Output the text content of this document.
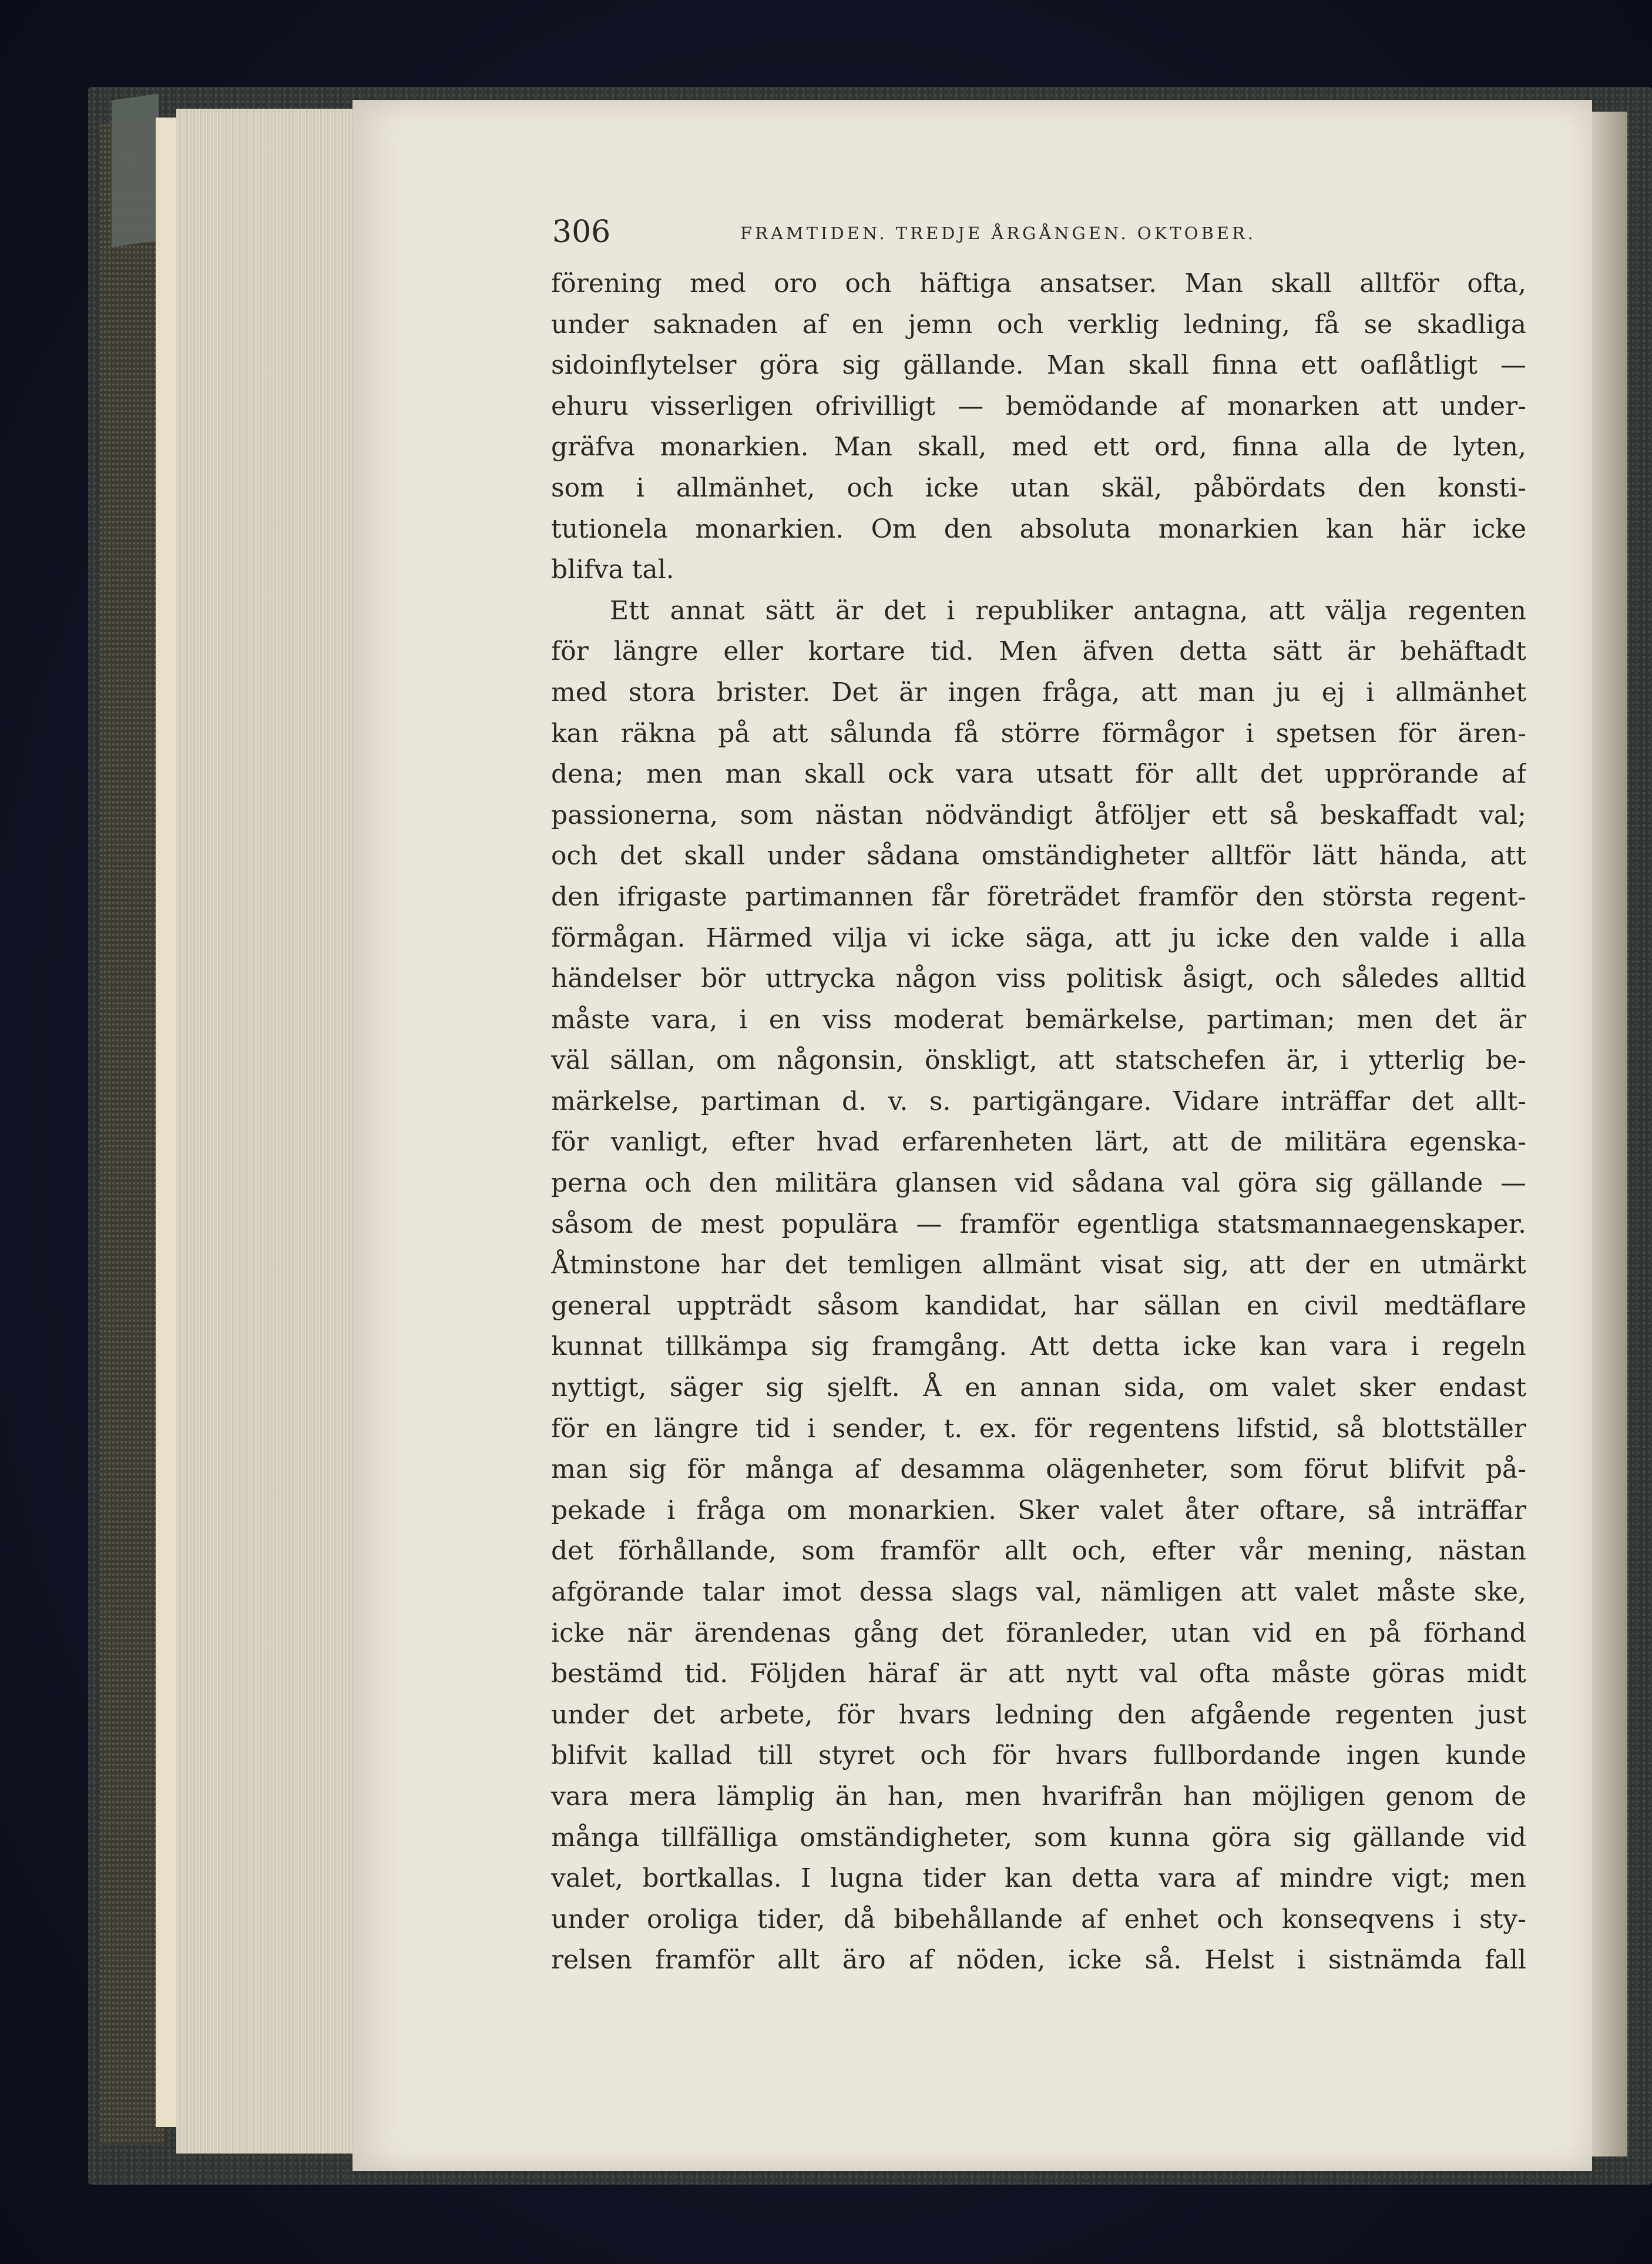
306	FRAMTIDEN. TREDJE ÅRGÅNGEN. OKTOBER.
förening med oro och häftiga ansatser. Man skall alltför ofta,
under saknaden af en jemn och verklig ledning, få se skadliga
sidoinflytelser göra sig gällande. Man skall finna ett oaflåtligt —
ehuru visserligen ofrivilligt — bemödande af monarken att under-
gräfva monarkien. Man skall, med ett ord, finna alla de lyten,
som i allmänhet, och icke utan skäl, påbördats den konsti-
tutionela monarkien. Om den absoluta monarkien kan här icke
blifva tal.
Ett annat sätt är det i republiker antagna, att välja regenten
för längre eller kortare tid. Men äfven detta sätt är behäftadt
med stora brister. Det är ingen fråga, att man ju ej i allmänhet
kan räkna på att sålunda få större förmågor i spetsen för ären-
dena; men man skall ock vara utsatt för allt det upprörande af
passionerna, som nästan nödvändigt åtföljer ett så beskaffadt val;
och det skall under sådana omständigheter alltför lätt hända, att
den ifrigaste partimannen får företrädet framför den största regent-
förmågan. Härmed vilja vi icke säga, att ju icke den valde i alla
händelser bör uttrycka någon viss politisk åsigt, och således alltid
måste vara, i en viss moderat bemärkelse, partiman; men det är
väl sällan, om någonsin, önskligt, att statschefen är, i ytterlig be-
märkelse, partiman d. v. s. partigängare. Vidare inträffar det allt-
för vanligt, efter hvad erfarenheten lärt, att de militära egenska-
perna och den militära glansen vid sådana val göra sig gällande —
såsom de mest populära — framför egentliga statsmannaegenskaper.
Åtminstone har det temligen allmänt visat sig, att der en utmärkt
general uppträdt såsom kandidat, har sällan en civil medtäflare
kunnat tillkämpa sig framgång. Att detta icke kan vara i regeln
nyttigt, säger sig sjelft. Å en annan sida, om valet sker endast
för en längre tid i sender, t. ex. för regentens lifstid, så blottställer
man sig för många af desamma olägenheter, som förut blifvit på-
pekade i fråga om monarkien. Sker valet åter oftare, så inträffar
det förhållande, som framför allt och, efter vår mening, nästan
afgörande talar imot dessa slags val, nämligen att valet måste ske,
icke när ärendenas gång det föranleder, utan vid en på förhand
bestämd tid. Följden häraf är att nytt val ofta måste göras midt
under det arbete, för hvars ledning den afgående regenten just
blifvit kallad till styret och för hvars fullbordande ingen kunde
vara mera lämplig än han, men hvarifrån han möjligen genom de
många tillfälliga omständigheter, som kunna göra sig gällande vid
valet, bortkallas. I lugna tider kan detta vara af mindre vigt; men
under oroliga tider, då bibehållande af enhet och konseqvens i sty-
relsen framför allt äro af nöden, icke så. Helst i sistnämda fall
